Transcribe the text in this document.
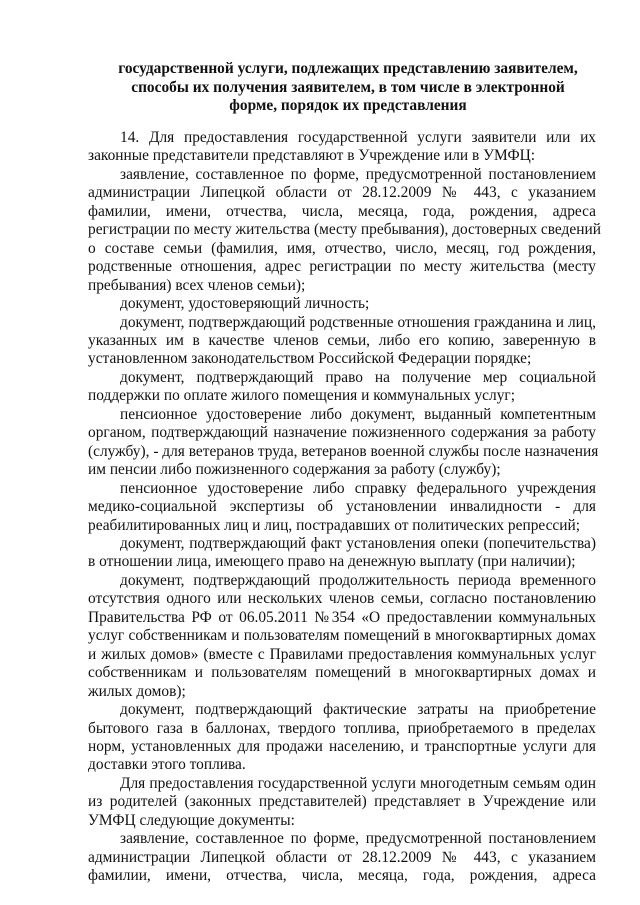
государственной услуги, подлежащих представлению заявителем,
способы их получения заявителем, в том числе в электронной
форме, порядок их представления
14. Для предоставления государственной услуги заявители или их
законные представители представляют в Учреждение или в УМФЦ:
заявление, составленное по форме, предусмотренной постановлением
администрации Липецкой области от 28.12.2009 № 443, с указанием
фамилии, имени, отчества, числа, месяца, года, рождения, адреса
регистрации по месту жительства (месту пребывания), достоверных сведений
о составе семьи (фамилия, имя, отчество, число, месяц, год рождения,
родственные отношения, адрес регистрации по месту жительства (месту
пребывания) всех членов семьи);
документ, удостоверяющий личность;
документ, подтверждающий родственные отношения гражданина и лиц,
указанных им в качестве членов семьи, либо его копию, заверенную в
установленном законодательством Российской Федерации порядке;
документ, подтверждающий право на получение мер социальной
поддержки по оплате жилого помещения и коммунальных услуг;
пенсионное удостоверение либо документ, выданный компетентным
органом, подтверждающий назначение пожизненного содержания за работу
(службу), - для ветеранов труда, ветеранов военной службы после назначения
им пенсии либо пожизненного содержания за работу (службу);
пенсионное удостоверение либо справку федерального учреждения
медико-социальной экспертизы об установлении инвалидности - для
реабилитированных лиц и лиц, пострадавших от политических репрессий;
документ, подтверждающий факт установления опеки (попечительства)
в отношении лица, имеющего право на денежную выплату (при наличии);
документ, подтверждающий продолжительность периода временного
отсутствия одного или нескольких членов семьи, согласно постановлению
Правительства РФ от 06.05.2011 №354 «О предоставлении коммунальных
услуг собственникам и пользователям помещений в многоквартирных домах
и жилых домов» (вместе с Правилами предоставления коммунальных услуг
собственникам и пользователям помещений в многоквартирных домах и
жилых домов);
документ, подтверждающий фактические затраты на приобретение
бытового газа в баллонах, твердого топлива, приобретаемого в пределах
норм, установленных для продажи населению, и транспортные услуги для
доставки этого топлива.
Для предоставления государственной услуги многодетным семьям один
из родителей (законных представителей) представляет в Учреждение или
УМФЦ следующие документы:
заявление, составленное по форме, предусмотренной постановлением
администрации Липецкой области от 28.12.2009 № 443, с указанием
фамилии, имени, отчества, числа, месяца, года, рождения, адреса
